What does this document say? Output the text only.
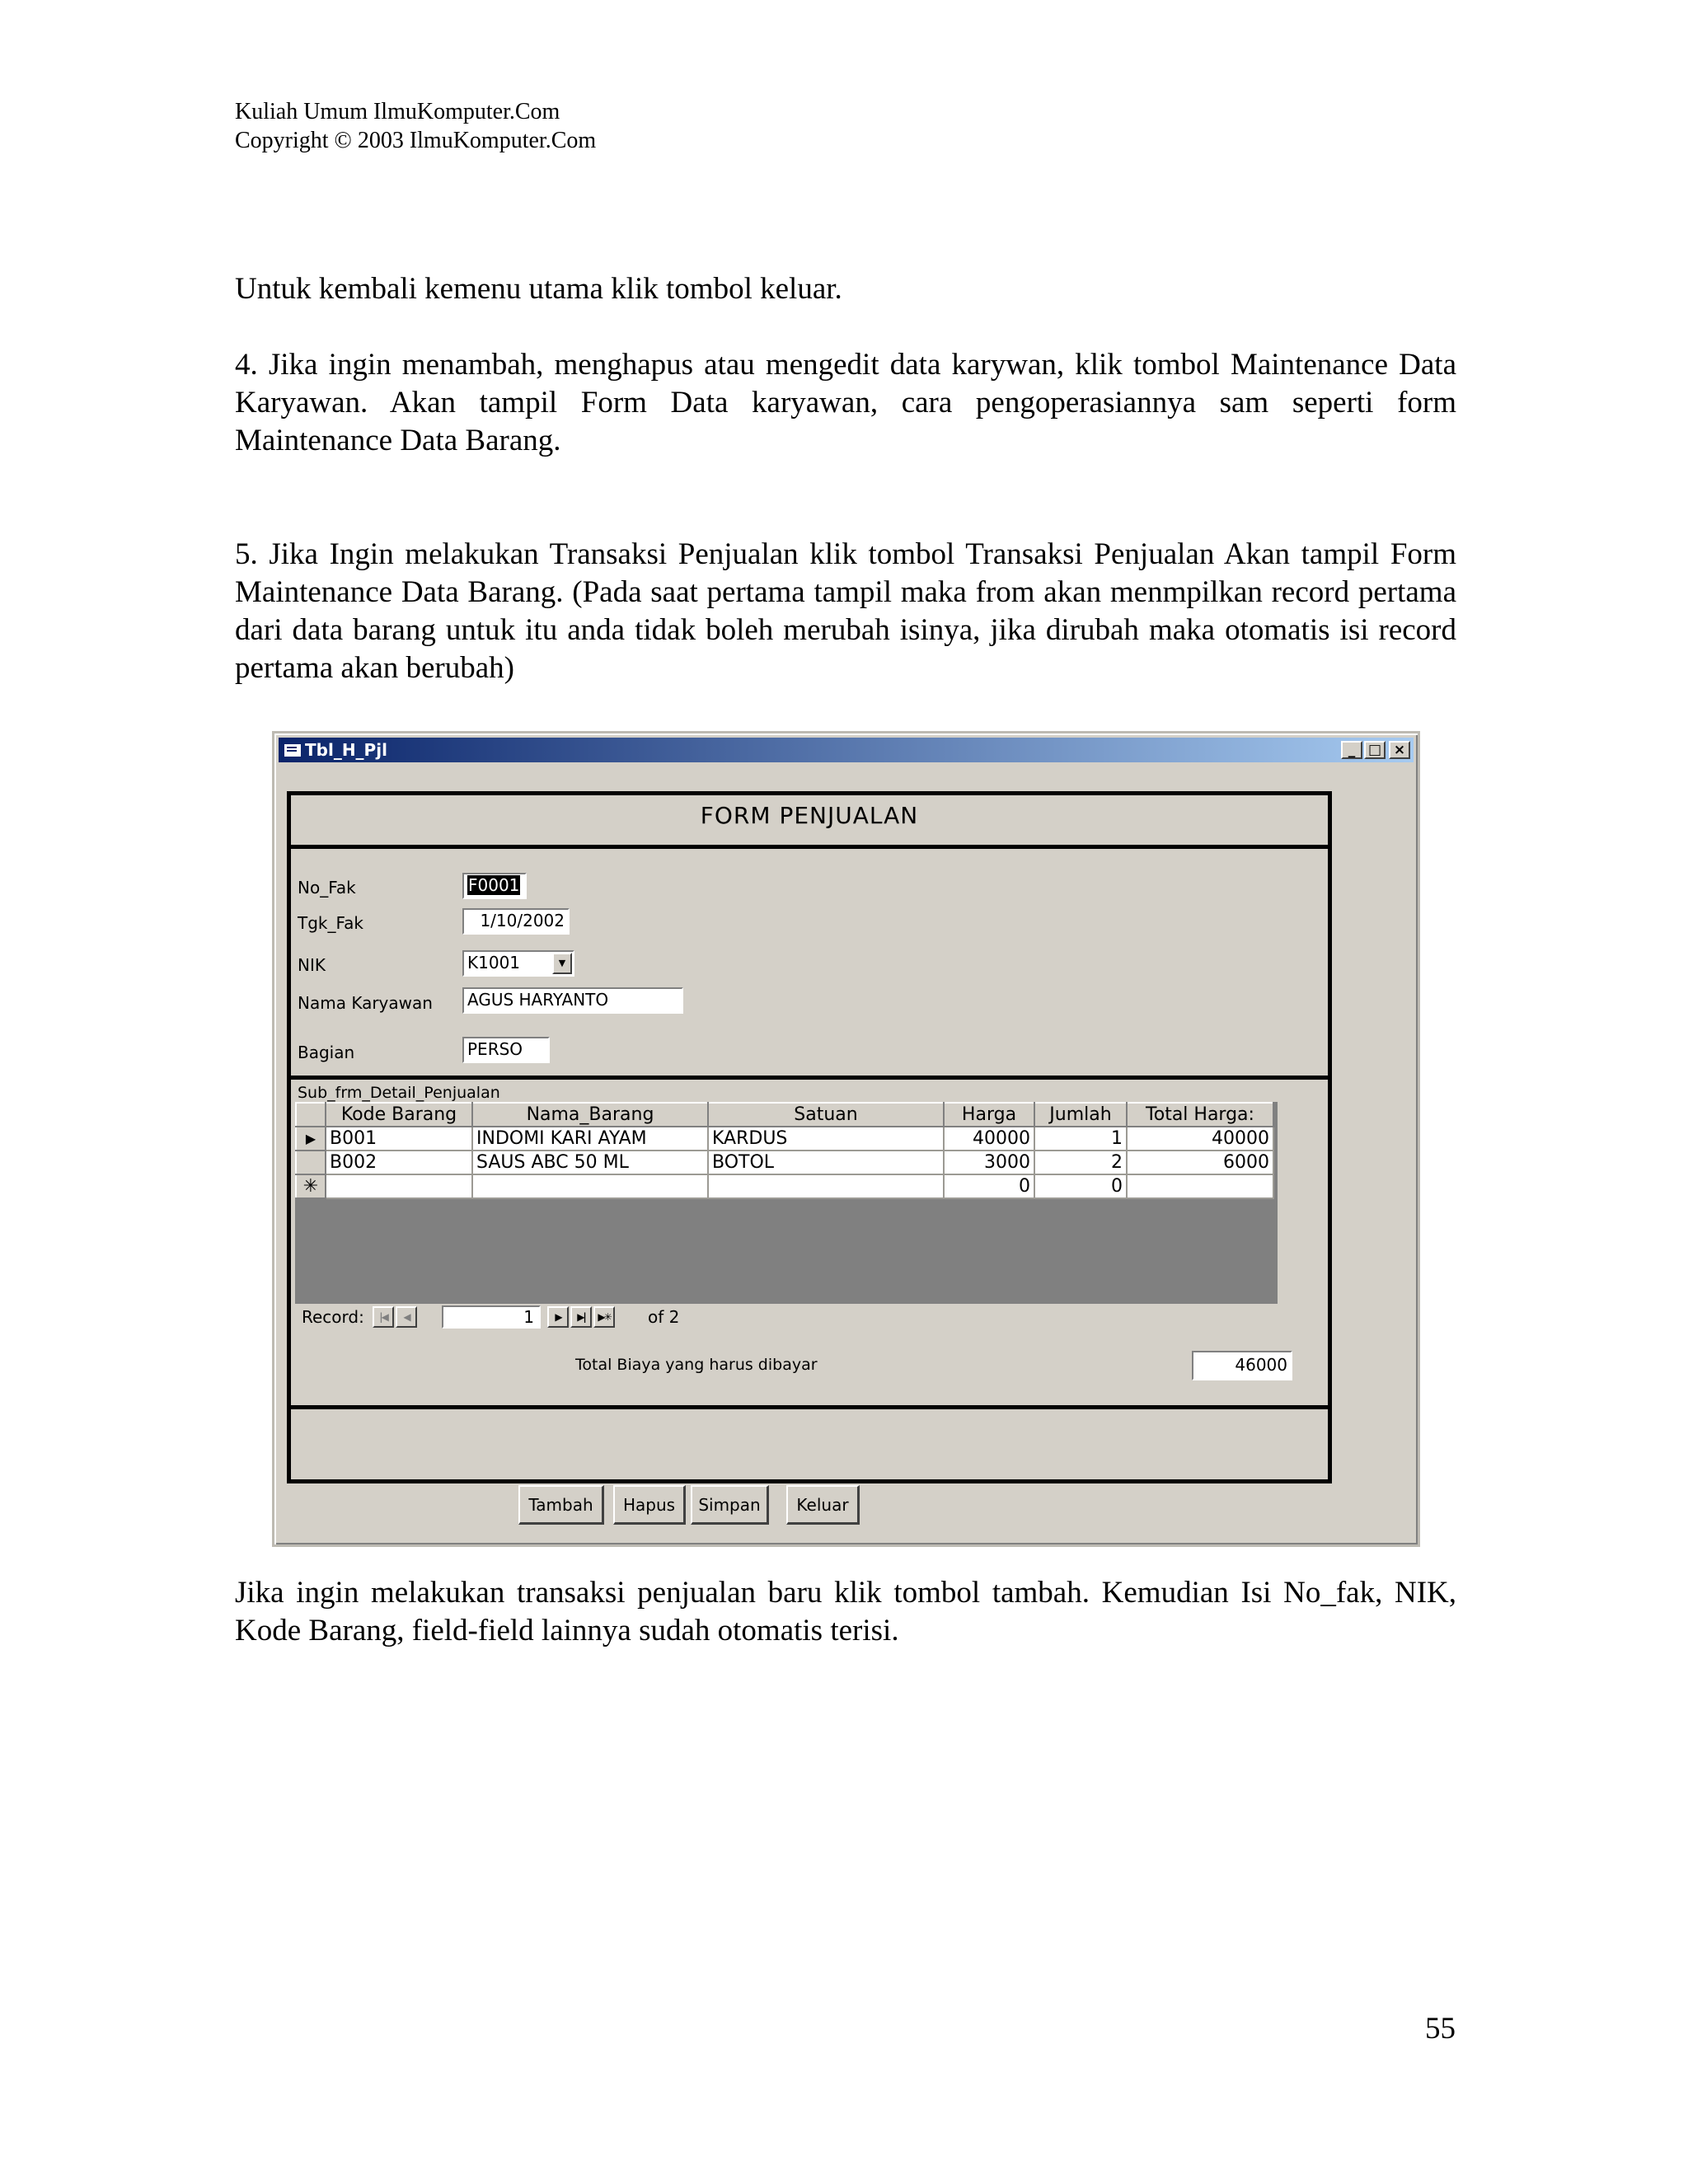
Kuliah Umum IlmuKomputer.Com
Copyright © 2003 IlmuKomputer.Com
Untuk kembali kemenu utama klik tombol keluar.
4. Jika ingin menambah, menghapus atau mengedit data karywan, klik tombol Maintenance Data Karyawan. Akan tampil Form Data karyawan, cara pengoperasiannya sam seperti form Maintenance Data Barang.
5. Jika Ingin melakukan Transaksi Penjualan klik tombol Transaksi Penjualan Akan tampil Form Maintenance Data Barang. (Pada saat pertama tampil maka from akan menmpilkan record pertama dari data barang untuk itu anda tidak boleh merubah isinya, jika dirubah maka otomatis isi record pertama akan berubah)
Tbl_H_Pjl	_ □ ×
FORM PENJUALAN
No_Fak	F0001
Tgk_Fak	1/10/2002
NIK	K1001	▼
Nama Karyawan	AGUS HARYANTO
Bagian	PERSO
Sub_frm_Detail_Penjualan
	Kode Barang	Nama_Barang	Satuan	Harga	Jumlah	Total Harga:
▶	B001	INDOMI KARI AYAM	KARDUS	40000	1	40000
	B002	SAUS ABC 50 ML	BOTOL	3000	2	6000
✳				0	0	
Record:	|◀	◀	1	▶	▶|	▶✳ of 2
Total Biaya yang harus dibayar	46000
Tambah	Hapus	Simpan	Keluar
Jika ingin melakukan transaksi penjualan baru klik tombol tambah. Kemudian Isi No_fak, NIK, Kode Barang, field-field lainnya sudah otomatis terisi.
55
